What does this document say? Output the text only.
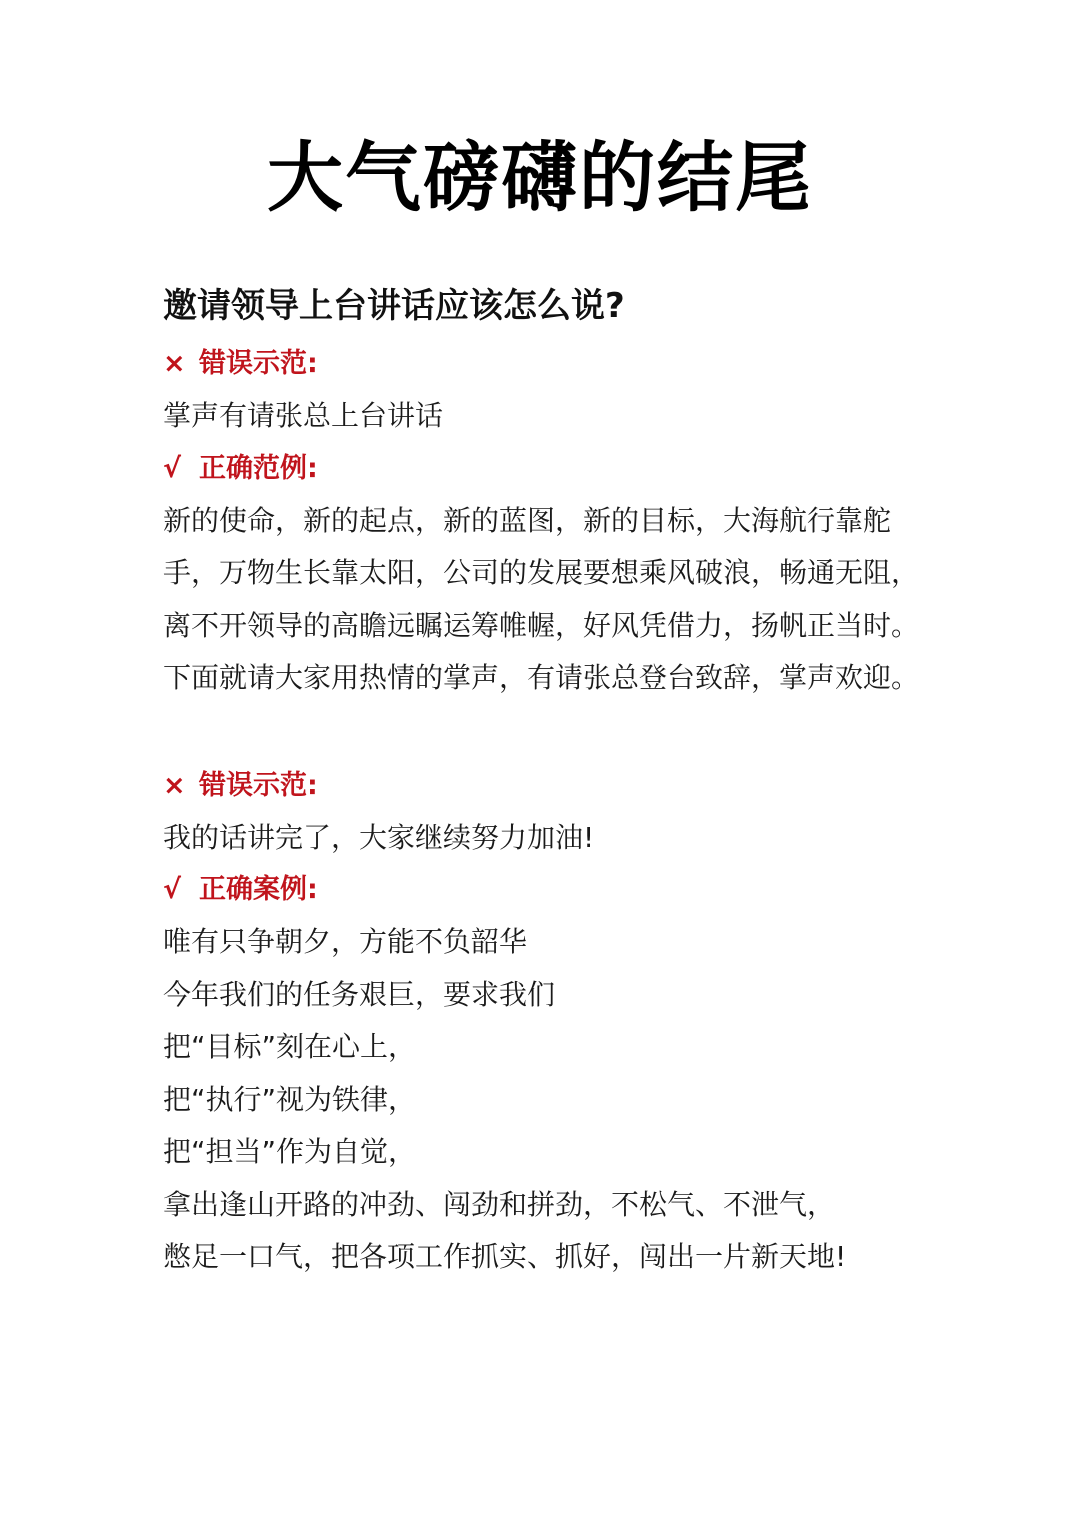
大气磅礴的结尾
邀请领导上台讲话应该怎么说?
× 错误示范:
掌声有请张总上台讲话
√ 正确范例:
新的使命，新的起点，新的蓝图，新的目标，大海航行靠舵
手，万物生长靠太阳，公司的发展要想乘风破浪，畅通无阻，
离不开领导的高瞻远瞩运筹帷幄，好风凭借力，扬帆正当时。
下面就请大家用热情的掌声，有请张总登台致辞，掌声欢迎。
× 错误示范:
我的话讲完了，大家继续努力加油!
√ 正确案例:
唯有只争朝夕，方能不负韶华
今年我们的任务艰巨，要求我们
把“目标”刻在心上，
把“执行”视为铁律，
把“担当”作为自觉，
拿出逢山开路的冲劲、闯劲和拼劲，不松气、不泄气，
憋足一口气，把各项工作抓实、抓好，闯出一片新天地!
